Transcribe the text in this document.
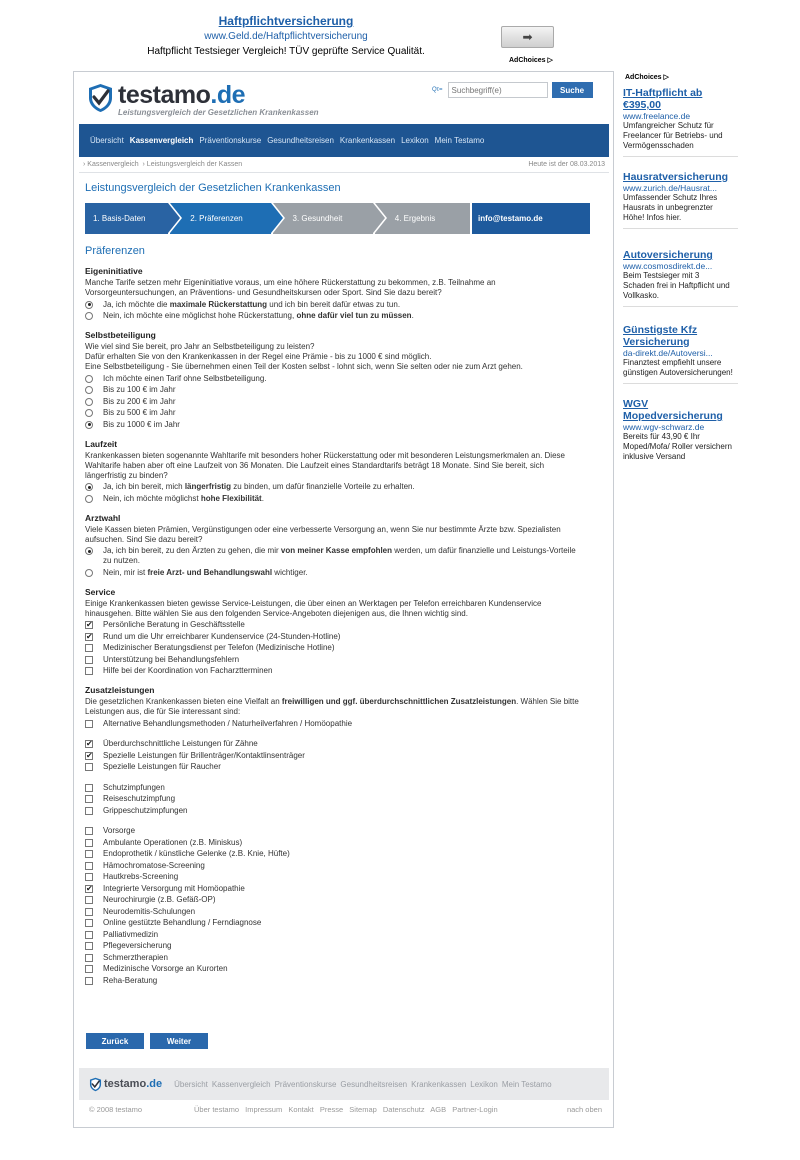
Haftpflichtversicherung
www.Geld.de/Haftpflichtversicherung
Haftpflicht Testsieger Vergleich! TÜV geprüfte Service Qualität.
➡
AdChoices ▷
AdChoices ▷
testamo.de
Leistungsvergleich der Gesetzlichen Krankenkassen
Qτ=
Suchbegriff(e)	Suche
Übersicht Kassenvergleich Präventionskurse Gesundheitsreisen Krankenkassen Lexikon Mein Testamo
› Kassenvergleich › Leistungsvergleich der Kassen	Heute ist der 08.03.2013
Leistungsvergleich der Gesetzlichen Krankenkassen
1. Basis-Daten	2. Präferenzen	3. Gesundheit	4. Ergebnis	info@testamo.de
Präferenzen

Eigeninitiative

Manche Tarife setzen mehr Eigeninitiative voraus, um eine höhere Rückerstattung zu bekommen, z.B. Teilnahme an Vorsorgeuntersuchungen, an Präventions- und Gesundheitskursen oder Sport. Sind Sie dazu bereit?

Ja, ich möchte die maximale Rückerstattung und ich bin bereit dafür etwas zu tun.
Nein, ich möchte eine möglichst hohe Rückerstattung, ohne dafür viel tun zu müssen.

Selbstbeteiligung

Wie viel sind Sie bereit, pro Jahr an Selbstbeteiligung zu leisten?

Dafür erhalten Sie von den Krankenkassen in der Regel eine Prämie - bis zu 1000 € sind möglich.

Eine Selbstbeteiligung - Sie übernehmen einen Teil der Kosten selbst - lohnt sich, wenn Sie selten oder nie zum Arzt gehen.

Ich möchte einen Tarif ohne Selbstbeteiligung.
Bis zu 100 € im Jahr
Bis zu 200 € im Jahr
Bis zu 500 € im Jahr
Bis zu 1000 € im Jahr

Laufzeit

Krankenkassen bieten sogenannte Wahltarife mit besonders hoher Rückerstattung oder mit besonderen Leistungsmerkmalen an. Diese Wahltarife haben aber oft eine Laufzeit von 36 Monaten. Die Laufzeit eines Standardtarifs beträgt 18 Monate. Sind Sie bereit, sich längerfristig zu binden?

Ja, ich bin bereit, mich längerfristig zu binden, um dafür finanzielle Vorteile zu erhalten.
Nein, ich möchte möglichst hohe Flexibilität.

Arztwahl

Viele Kassen bieten Prämien, Vergünstigungen oder eine verbesserte Versorgung an, wenn Sie nur bestimmte Ärzte bzw. Spezialisten aufsuchen. Sind Sie dazu bereit?

Ja, ich bin bereit, zu den Ärzten zu gehen, die mir von meiner Kasse empfohlen werden, um dafür finanzielle und Leistungs-Vorteile zu nutzen.
Nein, mir ist freie Arzt- und Behandlungswahl wichtiger.

Service

Einige Krankenkassen bieten gewisse Service-Leistungen, die über einen an Werktagen per Telefon erreichbaren Kundenservice hinausgehen. Bitte wählen Sie aus den folgenden Service-Angeboten diejenigen aus, die Ihnen wichtig sind.

✔
Persönliche Beratung in Geschäftsstelle
✔
Rund um die Uhr erreichbarer Kundenservice (24-Stunden-Hotline)
Medizinischer Beratungsdienst per Telefon (Medizinische Hotline)
Unterstützung bei Behandlungsfehlern
Hilfe bei der Koordination von Facharztterminen

Zusatzleistungen

Die gesetzlichen Krankenkassen bieten eine Vielfalt an freiwilligen und ggf. überdurchschnittlichen Zusatzleistungen. Wählen Sie bitte Leistungen aus, die für Sie interessant sind:

Alternative Behandlungsmethoden / Naturheilverfahren / Homöopathie
✔
Überdurchschnittliche Leistungen für Zähne
✔
Spezielle Leistungen für Brillenträger/Kontaktlinsenträger
Spezielle Leistungen für Raucher
Schutzimpfungen
Reiseschutzimpfung
Grippeschutzimpfungen
Vorsorge
Ambulante Operationen (z.B. Miniskus)
Endoprothetik / künstliche Gelenke (z.B. Knie, Hüfte)
Hämochromatose-Screening
Hautkrebs-Screening
✔
Integrierte Versorgung mit Homöopathie
Neurochirurgie (z.B. Gefäß-OP)
Neurodemitis-Schulungen
Online gestützte Behandlung / Ferndiagnose
Palliativmedizin
Pflegeversicherung
Schmerztherapien
Medizinische Vorsorge an Kurorten
Reha-Beratung
Zurück	Weiter
testamo .de Übersicht Kassenvergleich Präventionskurse Gesundheitsreisen Krankenkassen Lexikon Mein Testamo
© 2008 testamo	Über testamo Impressum Kontakt Presse Sitemap Datenschutz AGB Partner-Login	nach oben
IT-Haftpflicht ab €395,00
www.freelance.de
Umfangreicher Schutz für Freelancer für Betriebs- und Vermögensschaden
Hausratversicherung
www.zurich.de/Hausrat...
Umfassender Schutz Ihres Hausrats in unbegrenzter Höhe! Infos hier.
Autoversicherung
www.cosmosdirekt.de...
Beim Testsieger mit 3 Schaden frei in Haftpflicht und Vollkasko.
Günstigste Kfz Versicherung
da-direkt.de/Autoversi...
Finanztest empfiehlt unsere günstigen Autoversicherungen!
WGV Mopedversicherung
www.wgv-schwarz.de
Bereits für 43,90 € Ihr Moped/Mofa/ Roller versichern inklusive Versand
